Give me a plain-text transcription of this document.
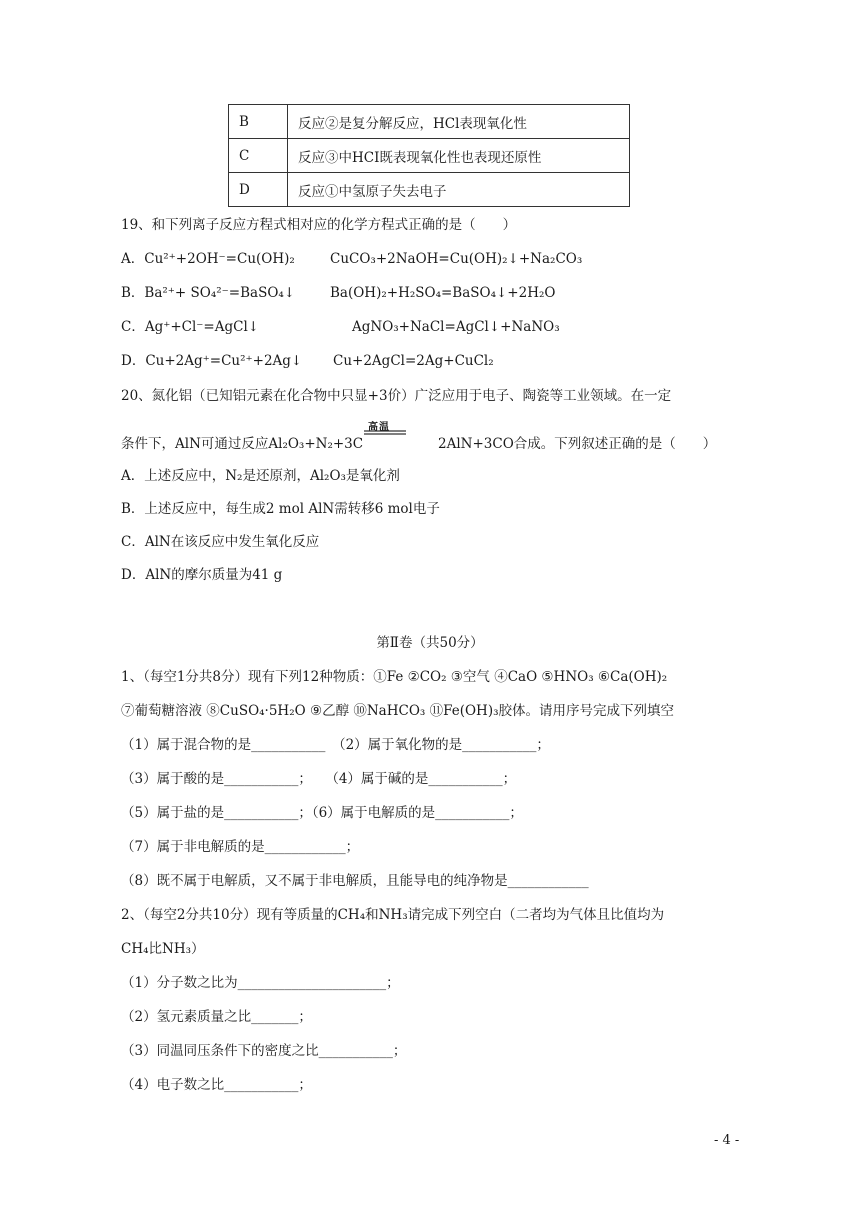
B	反应②是复分解反应，HCl表现氧化性
C	反应③中HCI既表现氧化性也表现还原性
D	反应①中氢原子失去电子
19、和下列离子反应方程式相对应的化学方程式正确的是（　　）
A．Cu²⁺+2OH⁻=Cu(OH)₂	CuCO₃+2NaOH=Cu(OH)₂↓+Na₂CO₃
B．Ba²⁺+ SO₄²⁻=BaSO₄↓	Ba(OH)₂+H₂SO₄=BaSO₄↓+2H₂O
C．Ag⁺+Cl⁻=AgCl↓	AgNO₃+NaCl=AgCl↓+NaNO₃
D．Cu+2Ag⁺=Cu²⁺+2Ag↓ Cu+2AgCl=2Ag+CuCl₂
20、氮化铝（已知铝元素在化合物中只显+3价）广泛应用于电子、陶瓷等工业领域。在一定
条件下，AlN可通过反应Al₂O₃+N₂+3C
高温
2AlN+3CO合成。下列叙述正确的是（　　）
A．上述反应中，N₂是还原剂，Al₂O₃是氧化剂
B．上述反应中，每生成2 mol AlN需转移6 mol电子
C．AlN在该反应中发生氧化反应
D．AlN的摩尔质量为41 g
第Ⅱ卷（共50分）
1、（每空1分共8分）现有下列12种物质：①Fe ②CO₂ ③空气 ④CaO ⑤HNO₃ ⑥Ca(OH)₂
⑦葡萄糖溶液 ⑧CuSO₄·5H₂O ⑨乙醇 ⑩NaHCO₃ ⑪Fe(OH)₃胶体。请用序号完成下列填空
（1）属于混合物的是___________　（2）属于氧化物的是___________；
（3）属于酸的是___________；　　（4）属于碱的是___________；
（5）属于盐的是___________；（6）属于电解质的是___________；
（7）属于非电解质的是____________；
（8）既不属于电解质，又不属于非电解质，且能导电的纯净物是____________
2、（每空2分共10分）现有等质量的CH₄和NH₃请完成下列空白（二者均为气体且比值均为
CH₄比NH₃）
（1）分子数之比为______________________；
（2）氢元素质量之比_______；
（3）同温同压条件下的密度之比___________；
（4）电子数之比___________；
- 4 -
